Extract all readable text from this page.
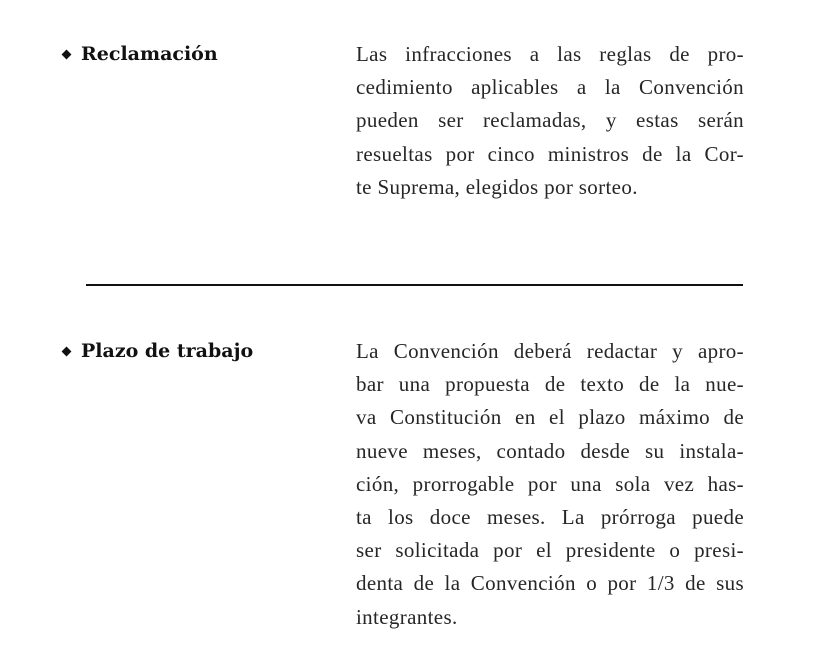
Reclamación	Las infracciones a las reglas de pro-
cedimiento aplicables a la Convención
pueden ser reclamadas, y estas serán
resueltas por cinco ministros de la Cor-
te Suprema, elegidos por sorteo.

Plazo de trabajo	La Convención deberá redactar y apro-
bar una propuesta de texto de la nue-
va Constitución en el plazo máximo de
nueve meses, contado desde su instala-
ción, prorrogable por una sola vez has-
ta los doce meses. La prórroga puede
ser solicitada por el presidente o presi-
denta de la Convención o por 1/3 de sus
integrantes.
